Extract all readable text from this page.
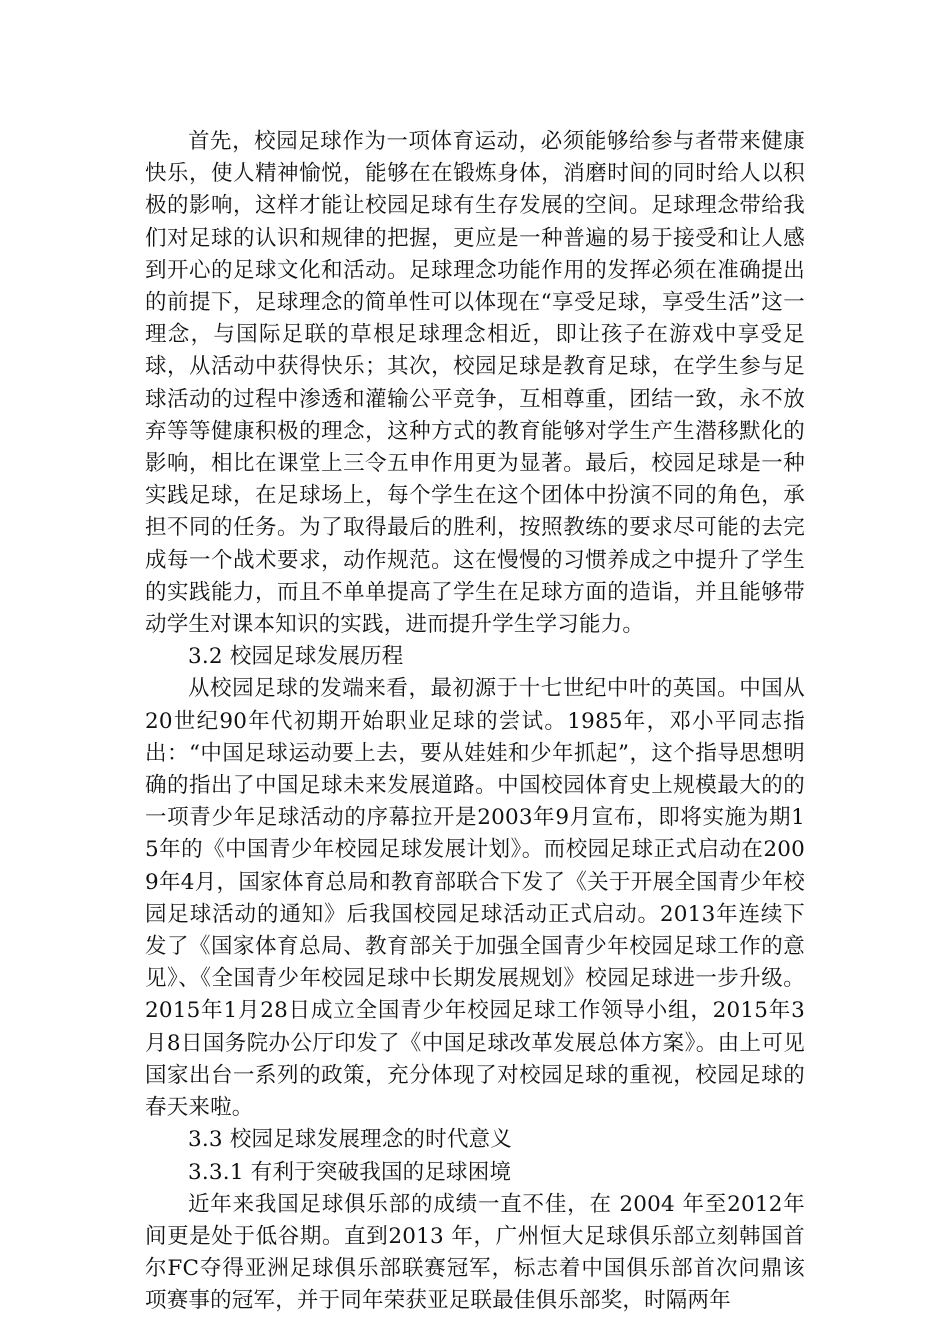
首先，校园足球作为一项体育运动，必须能够给参与者带来健康快乐，使人精神愉悦，能够在在锻炼身体，消磨时间的同时给人以积极的影响，这样才能让校园足球有生存发展的空间。足球理念带给我们对足球的认识和规律的把握，更应是一种普遍的易于接受和让人感到开心的足球文化和活动。足球理念功能作用的发挥必须在准确提出的前提下，足球理念的简单性可以体现在“享受足球，享受生活”这一理念，与国际足联的草根足球理念相近，即让孩子在游戏中享受足球，从活动中获得快乐；其次，校园足球是教育足球，在学生参与足球活动的过程中渗透和灌输公平竞争，互相尊重，团结一致，永不放弃等等健康积极的理念，这种方式的教育能够对学生产生潜移默化的影响，相比在课堂上三令五申作用更为显著。最后，校园足球是一种实践足球，在足球场上，每个学生在这个团体中扮演不同的角色，承担不同的任务。为了取得最后的胜利，按照教练的要求尽可能的去完成每一个战术要求，动作规范。这在慢慢的习惯养成之中提升了学生的实践能力，而且不单单提高了学生在足球方面的造诣，并且能够带动学生对课本知识的实践，进而提升学生学习能力。

3.2 校园足球发展历程

从校园足球的发端来看，最初源于十七世纪中叶的英国。中国从20世纪90年代初期开始职业足球的尝试。1985年，邓小平同志指出：“中国足球运动要上去，要从娃娃和少年抓起”，这个指导思想明确的指出了中国足球未来发展道路。中国校园体育史上规模最大的的一项青少年足球活动的序幕拉开是2003年9月宣布，即将实施为期15年的《中国青少年校园足球发展计划》。而校园足球正式启动在2009年4月，国家体育总局和教育部联合下发了《关于开展全国青少年校园足球活动的通知》后我国校园足球活动正式启动。2013年连续下发了《国家体育总局、教育部关于加强全国青少年校园足球工作的意见》、《全国青少年校园足球中长期发展规划》校园足球进一步升级。2015年1月28日成立全国青少年校园足球工作领导小组，2015年3月8日国务院办公厅印发了《中国足球改革发展总体方案》。由上可见国家出台一系列的政策，充分体现了对校园足球的重视，校园足球的春天来啦。

3.3 校园足球发展理念的时代意义
3.3.1 有利于突破我国的足球困境

近年来我国足球俱乐部的成绩一直不佳，在 2004 年至2012年间更是处于低谷期。直到2013 年，广州恒大足球俱乐部立刻韩国首尔FC夺得亚洲足球俱乐部联赛冠军，标志着中国俱乐部首次问鼎该项赛事的冠军，并于同年荣获亚足联最佳俱乐部奖，时隔两年
